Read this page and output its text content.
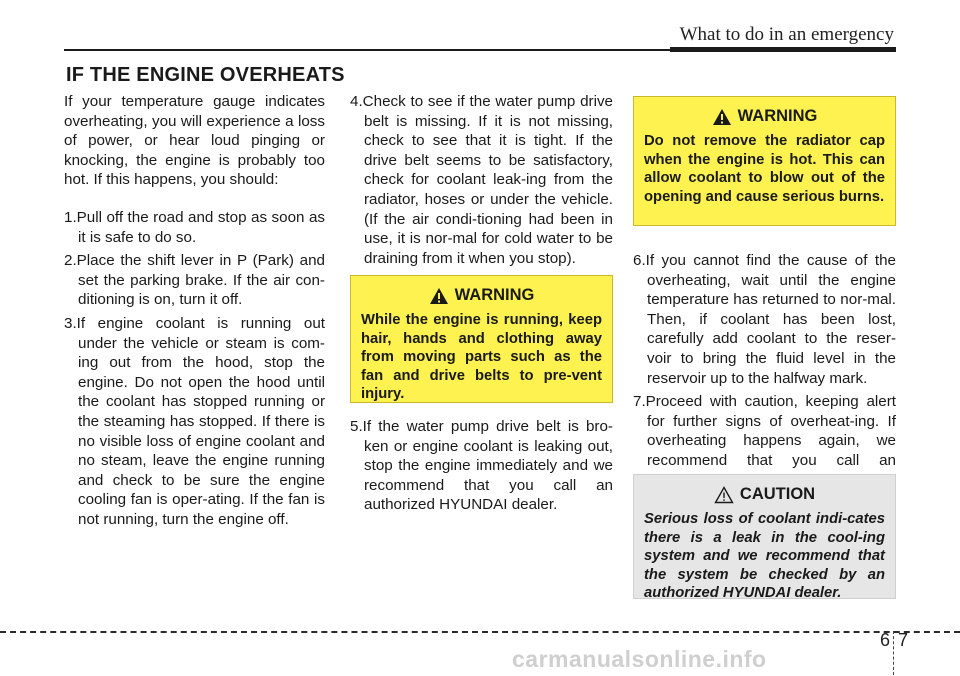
What to do in an emergency
IF THE ENGINE OVERHEATS

If your temperature gauge indicates overheating, you will experience a loss of power, or hear loud pinging or knocking, the engine is probably too hot. If this happens, you should:

1.Pull off the road and stop as soon as it is safe to do so.

2.Place the shift lever in P (Park) and set the parking brake. If the air con-ditioning is on, turn it off.

3.If engine coolant is running out under the vehicle or steam is com-ing out from the hood, stop the engine. Do not open the hood until the coolant has stopped running or the steaming has stopped. If there is no visible loss of engine coolant and no steam, leave the engine running and check to be sure the engine cooling fan is oper-ating. If the fan is not running, turn the engine off.

4.Check to see if the water pump drive belt is missing. If it is not missing, check to see that it is tight. If the drive belt seems to be satisfactory, check for coolant leak-ing from the radiator, hoses or under the vehicle. (If the air condi-tioning had been in use, it is nor-mal for cold water to be draining from it when you stop).

WARNING
While the engine is running, keep hair, hands and clothing away from moving parts such as the fan and drive belts to pre-vent injury.

5.If the water pump drive belt is bro-ken or engine coolant is leaking out, stop the engine immediately and we recommend that you call an authorized HYUNDAI dealer.

WARNING
Do not remove the radiator cap when the engine is hot. This can allow coolant to blow out of the opening and cause serious burns.

6.If you cannot find the cause of the overheating, wait until the engine temperature has returned to nor-mal. Then, if coolant has been lost, carefully add coolant to the reser-voir to bring the fluid level in the reservoir up to the halfway mark.

7.Proceed with caution, keeping alert for further signs of overheat-ing. If overheating happens again, we recommend that you call an

CAUTION
Serious loss of coolant indi-cates there is a leak in the cool-ing system and we recommend that the system be checked by an authorized HYUNDAI dealer.
6 7
carmanualsonline.info
